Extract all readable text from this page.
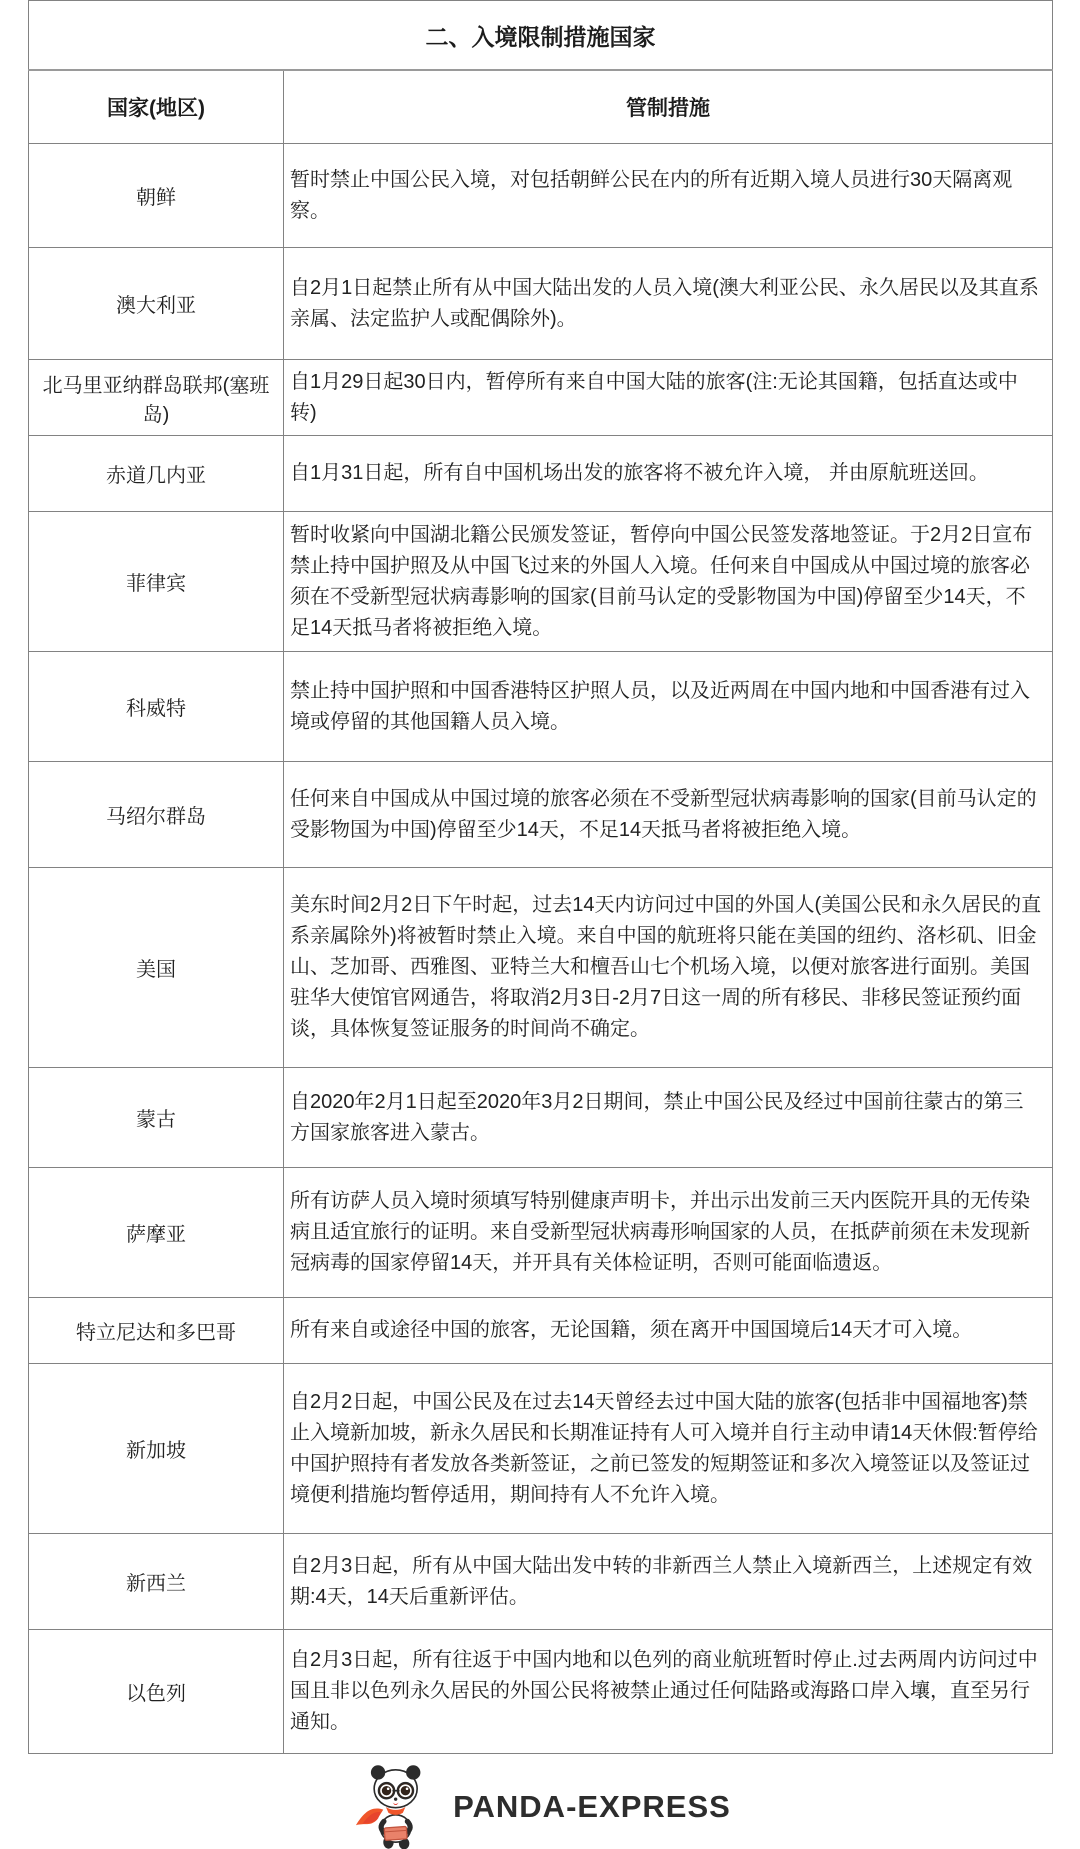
二、入境限制措施国家	
国家(地区)	管制措施
朝鲜	暂时禁止中国公民入境，对包括朝鲜公民在内的所有近期入境人员进行30天隔离观察。
澳大利亚	自2月1日起禁止所有从中国大陆出发的人员入境(澳大利亚公民、永久居民以及其直系亲属、法定监护人或配偶除外)。
北马里亚纳群岛联邦(塞班岛)	自1月29日起30日内，暂停所有来自中国大陆的旅客(注:无论其国籍，包括直达或中转)
赤道几内亚	自1月31日起，所有自中国机场出发的旅客将不被允许入境， 并由原航班送回。
菲律宾	暂时收紧向中国湖北籍公民颁发签证，暂停向中国公民签发落地签证。于2月2日宣布禁止持中国护照及从中国飞过来的外国人入境。任何来自中国成从中国过境的旅客必须在不受新型冠状病毒影响的国家(目前马认定的受影物国为中国)停留至少14天，不足14天抵马者将被拒绝入境。
科威特	禁止持中国护照和中国香港特区护照人员，以及近两周在中国内地和中国香港有过入境或停留的其他国籍人员入境。
马绍尔群岛	任何来自中国成从中国过境的旅客必须在不受新型冠状病毒影响的国家(目前马认定的受影物国为中国)停留至少14天，不足14天抵马者将被拒绝入境。
美国	美东时间2月2日下午时起，过去14天内访问过中国的外国人(美国公民和永久居民的直系亲属除外)将被暂时禁止入境。来自中国的航班将只能在美国的纽约、洛杉矶、旧金山、芝加哥、西雅图、亚特兰大和檀吾山七个机场入境，以便对旅客进行面别。美国驻华大使馆官网通告，将取消2月3日-2月7日这一周的所有移民、非移民签证预约面谈，具体恢复签证服务的时间尚不确定。
蒙古	自2020年2月1日起至2020年3月2日期间，禁止中国公民及经过中国前往蒙古的第三方国家旅客进入蒙古。
萨摩亚	所有访萨人员入境时须填写特别健康声明卡，并出示出发前三天内医院开具的无传染病且适宜旅行的证明。来自受新型冠状病毒形响国家的人员，在抵萨前须在未发现新冠病毒的国家停留14天，并开具有关体检证明，否则可能面临遗返。
特立尼达和多巴哥	所有来自或途径中国的旅客，无论国籍，须在离开中国国境后14天才可入境。
新加坡	自2月2日起，中国公民及在过去14天曾经去过中国大陆的旅客(包括非中国福地客)禁止入境新加坡，新永久居民和长期准证持有人可入境并自行主动申请14天休假:暂停给中国护照持有者发放各类新签证，之前已签发的短期签证和多次入境签证以及签证过境便利措施均暂停适用，期间持有人不允许入境。
新西兰	自2月3日起，所有从中国大陆出发中转的非新西兰人禁止入境新西兰，上述规定有效期:4天，14天后重新评估。
以色列	自2月3日起，所有往返于中国内地和以色列的商业航班暂时停止.过去两周内访问过中国且非以色列永久居民的外国公民将被禁止通过任何陆路或海路口岸入壤，直至另行通知。
PANDA-EXPRESS
